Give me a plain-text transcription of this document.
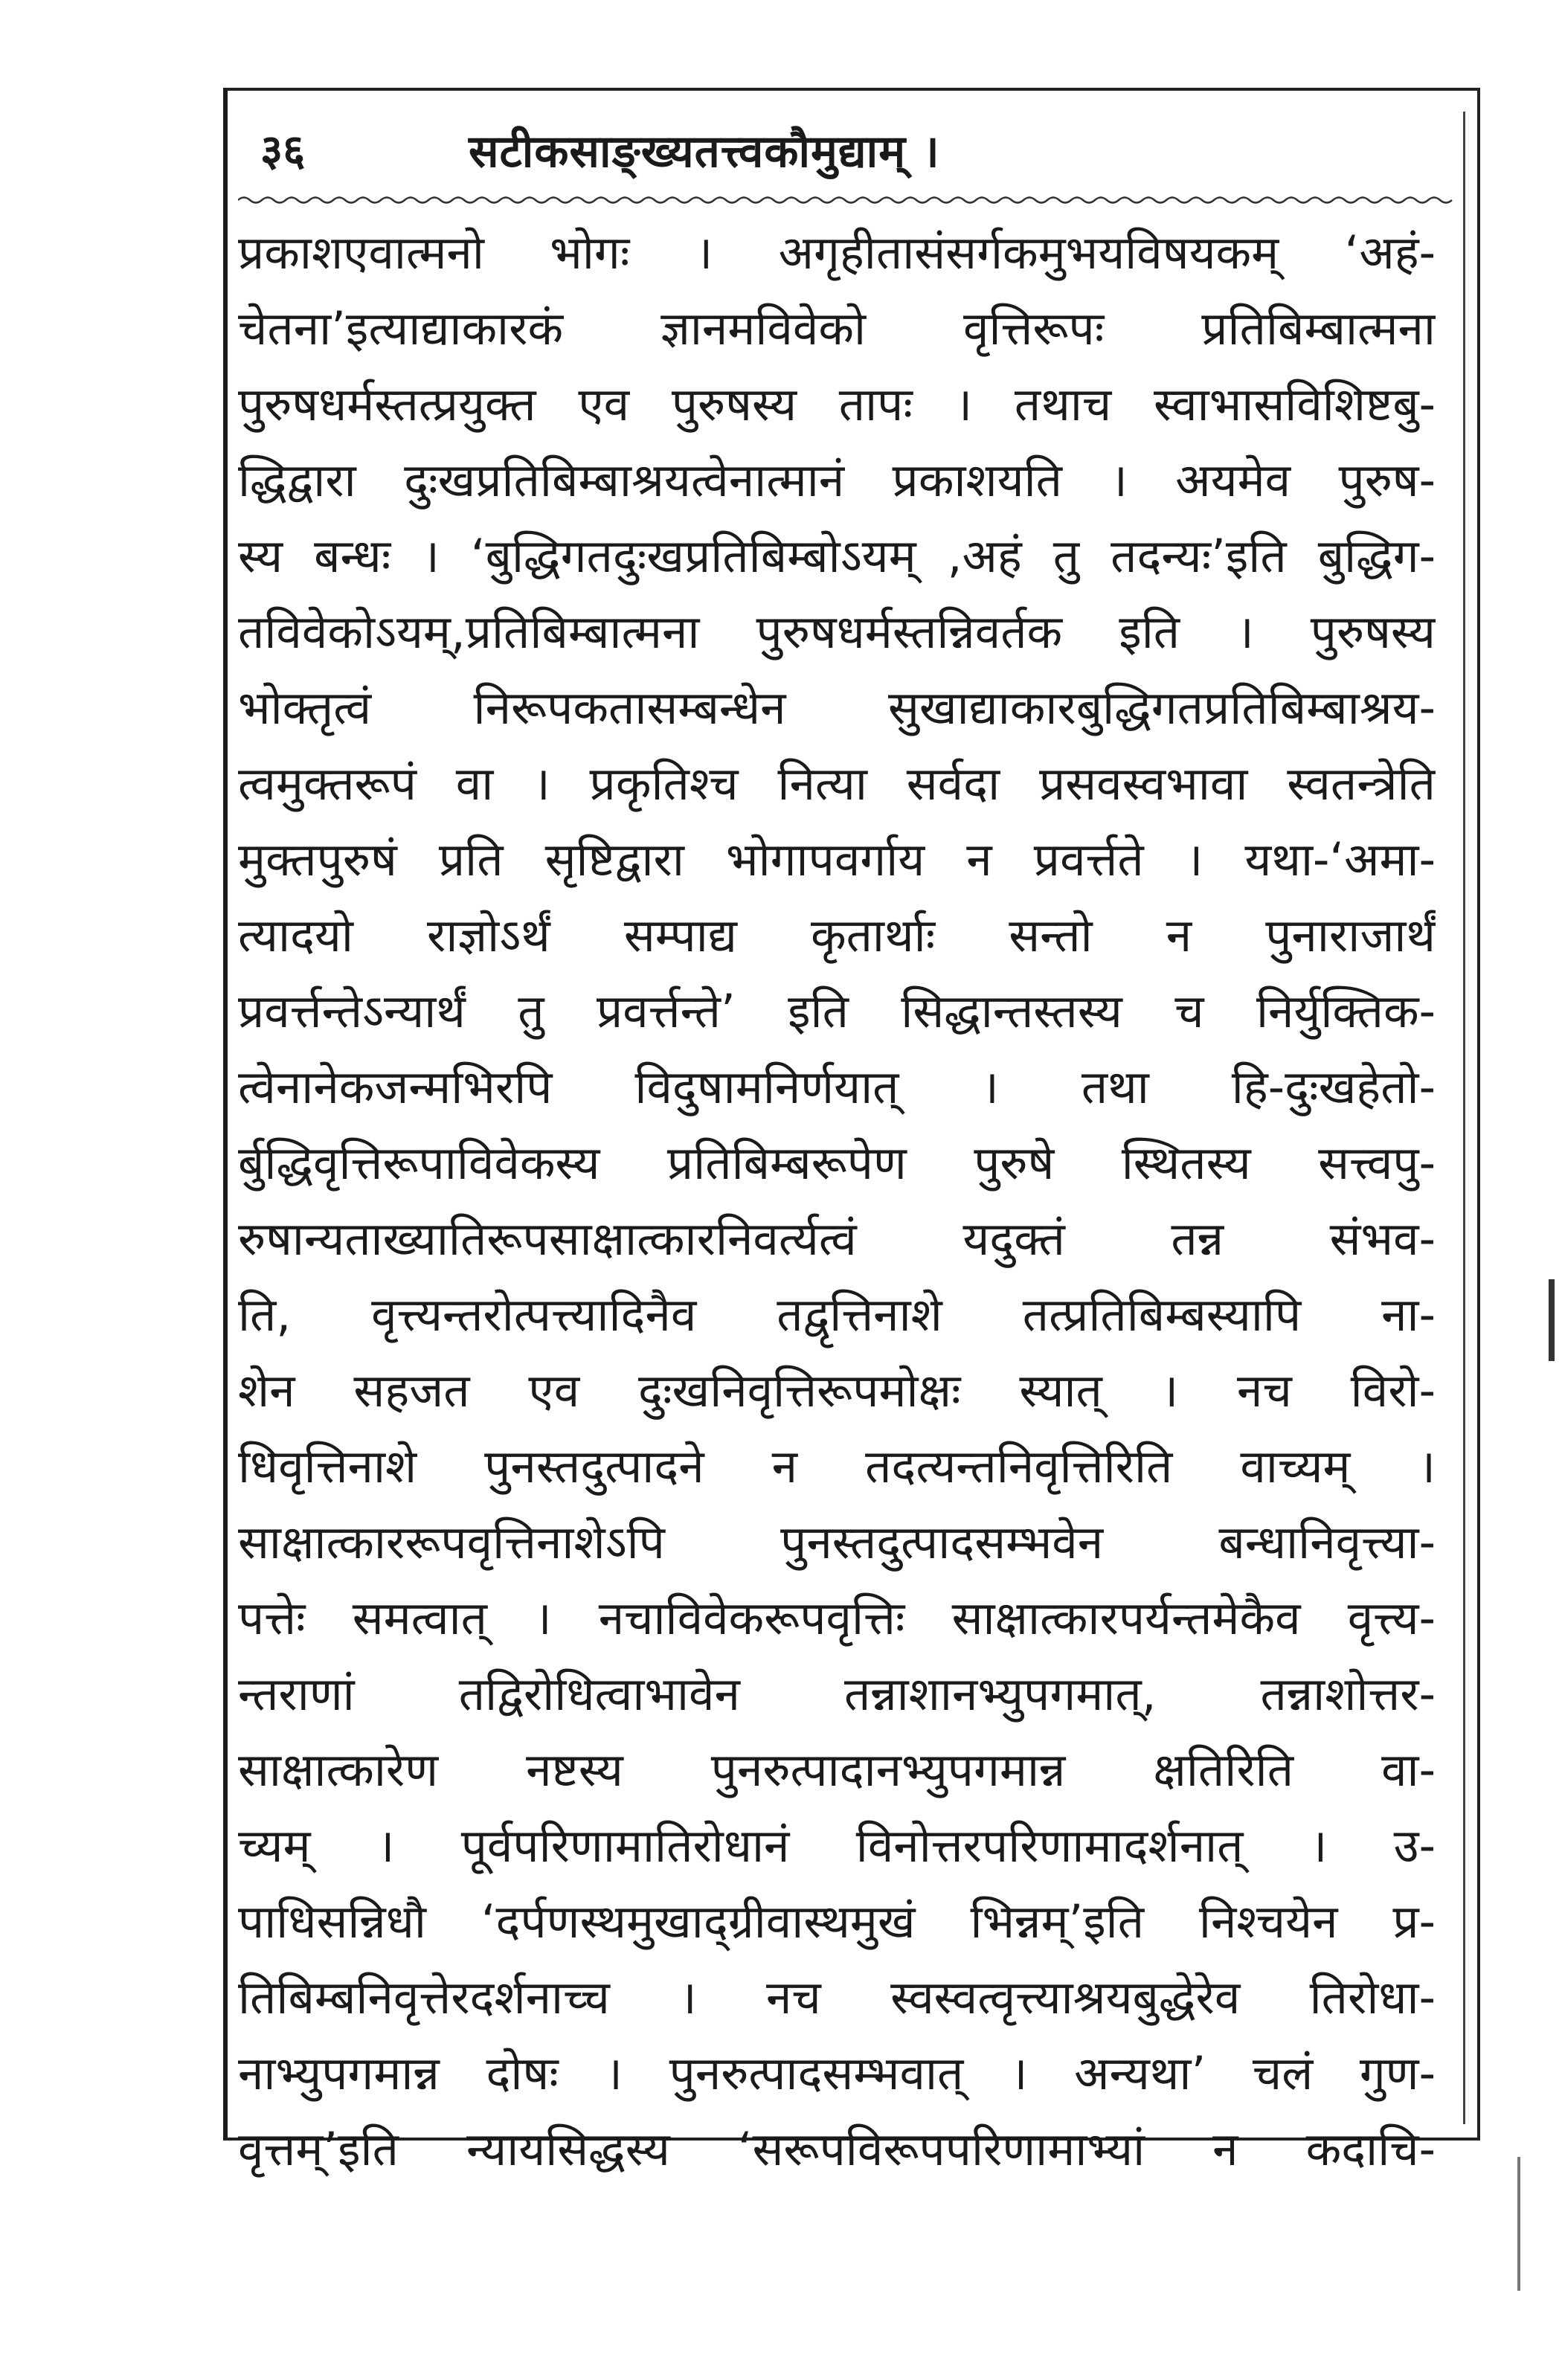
३६	सटीकसाङ्ख्यतत्त्वकौमुद्याम् ।
प्रकाशएवात्मनो भोगः । अगृहीतासंसर्गकमुभयविषयकम् ‘अहं-
चेतना’इत्याद्याकारकं ज्ञानमविवेको वृत्तिरूपः प्रतिबिम्बात्मना
पुरुषधर्मस्तत्प्रयुक्त एव पुरुषस्य तापः । तथाच स्वाभासविशिष्टबु-
द्धिद्वारा दुःखप्रतिबिम्बाश्रयत्वेनात्मानं प्रकाशयति । अयमेव पुरुष-
स्य बन्धः । ‘बुद्धिगतदुःखप्रतिबिम्बोऽयम् ,अहं तु तदन्यः’इति बुद्धिग-
तविवेकोऽयम्,प्रतिबिम्बात्मना पुरुषधर्मस्तन्निवर्तक इति । पुरुषस्य
भोक्तृत्वं निरूपकतासम्बन्धेन सुखाद्याकारबुद्धिगतप्रतिबिम्बाश्रय-
त्वमुक्तरूपं वा । प्रकृतिश्च नित्या सर्वदा प्रसवस्वभावा स्वतन्त्रेति
मुक्तपुरुषं प्रति सृष्टिद्वारा भोगापवर्गाय न प्रवर्त्तते । यथा-‘अमा-
त्यादयो राज्ञोऽर्थं सम्पाद्य कृतार्थाः सन्तो न पुनाराजार्थं
प्रवर्त्तन्तेऽन्यार्थं तु प्रवर्त्तन्ते’ इति सिद्धान्तस्तस्य च निर्युक्तिक-
त्वेनानेकजन्मभिरपि विदुषामनिर्णयात् । तथा हि-दुःखहेतो-
र्बुद्धिवृत्तिरूपाविवेकस्य प्रतिबिम्बरूपेण पुरुषे स्थितस्य सत्त्वपु-
रुषान्यताख्यातिरूपसाक्षात्कारनिवर्त्यत्वं यदुक्तं तन्न संभव-
ति, वृत्त्यन्तरोत्पत्त्यादिनैव तद्वृत्तिनाशे तत्प्रतिबिम्बस्यापि ना-
शेन सहजत एव दुःखनिवृत्तिरूपमोक्षः स्यात् । नच विरो-
धिवृत्तिनाशे पुनस्तदुत्पादने न तदत्यन्तनिवृत्तिरिति वाच्यम् ।
साक्षात्काररूपवृत्तिनाशेऽपि पुनस्तदुत्पादसम्भवेन बन्धानिवृत्त्या-
पत्तेः समत्वात् । नचाविवेकरूपवृत्तिः साक्षात्कारपर्यन्तमेकैव वृत्त्य-
न्तराणां तद्विरोधित्वाभावेन तन्नाशानभ्युपगमात्, तन्नाशोत्तर-
साक्षात्कारेण नष्टस्य पुनरुत्पादानभ्युपगमान्न क्षतिरिति वा-
च्यम् । पूर्वपरिणामातिरोधानं विनोत्तरपरिणामादर्शनात् । उ-
पाधिसन्निधौ ‘दर्पणस्थमुखाद्ग्रीवास्थमुखं भिन्नम्’इति निश्चयेन प्र-
तिबिम्बनिवृत्तेरदर्शनाच्च । नच स्वस्वत्वृत्त्याश्रयबुद्धेरेव तिरोधा-
नाभ्युपगमान्न दोषः । पुनरुत्पादसम्भवात् । अन्यथा’ चलं गुण-
वृत्तम्’इति न्यायसिद्धस्य ‘सरूपविरूपपरिणामाभ्यां न कदाचि-
